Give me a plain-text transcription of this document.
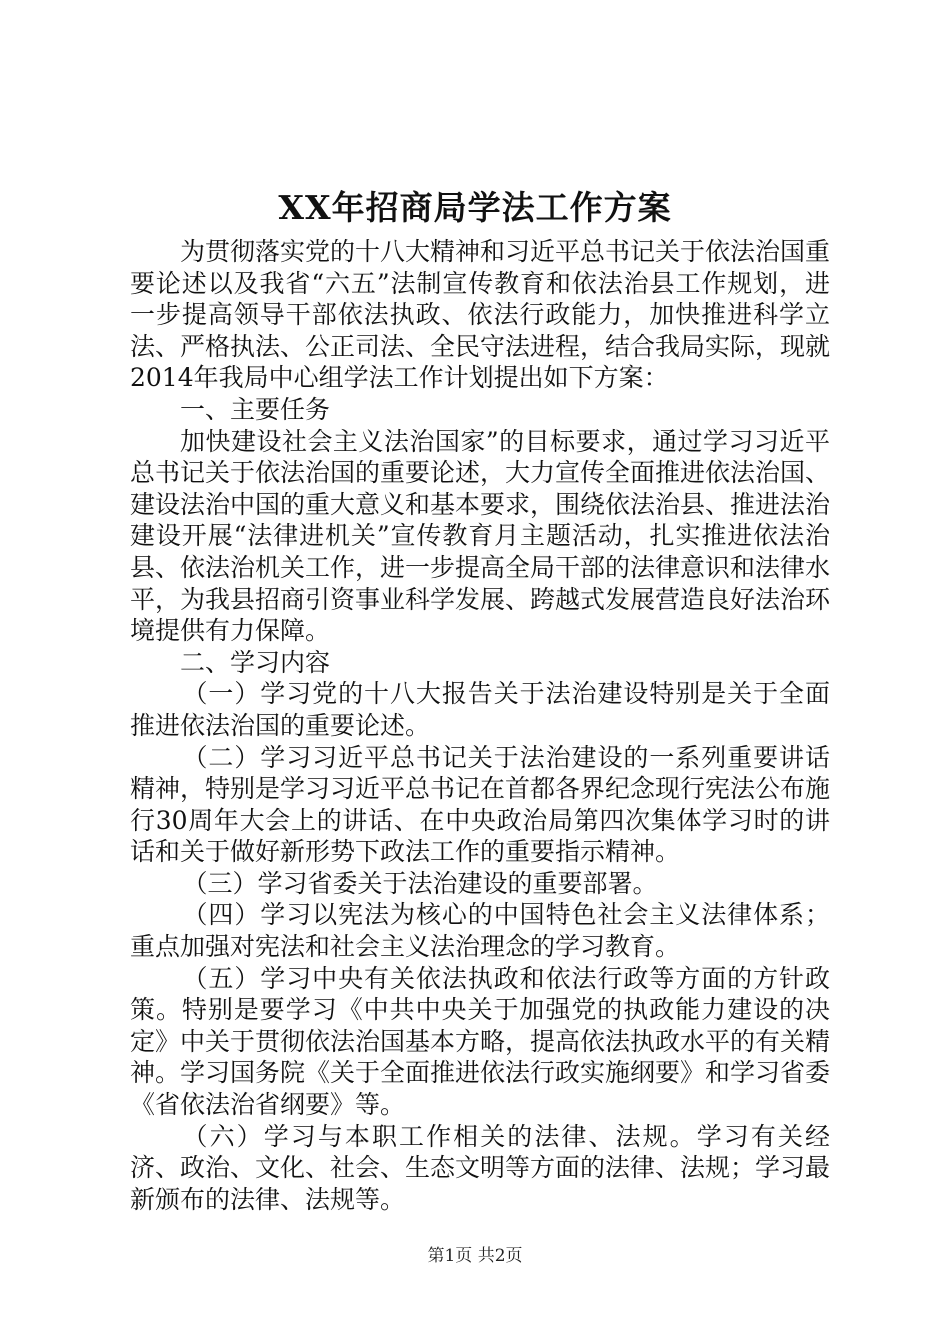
XX年招商局学法工作方案

为贯彻落实党的十八大精神和习近平总书记关于依法治国重要论述以及我省“六五”法制宣传教育和依法治县工作规划，进一步提高领导干部依法执政、依法行政能力，加快推进科学立法、严格执法、公正司法、全民守法进程，结合我局实际，现就2014年我局中心组学法工作计划提出如下方案：

一、主要任务

加快建设社会主义法治国家”的目标要求，通过学习习近平总书记关于依法治国的重要论述，大力宣传全面推进依法治国、建设法治中国的重大意义和基本要求，围绕依法治县、推进法治建设开展“法律进机关”宣传教育月主题活动，扎实推进依法治县、依法治机关工作，进一步提高全局干部的法律意识和法律水平，为我县招商引资事业科学发展、跨越式发展营造良好法治环境提供有力保障。

二、学习内容

（一）学习党的十八大报告关于法治建设特别是关于全面推进依法治国的重要论述。

（二）学习习近平总书记关于法治建设的一系列重要讲话精神，特别是学习习近平总书记在首都各界纪念现行宪法公布施行30周年大会上的讲话、在中央政治局第四次集体学习时的讲话和关于做好新形势下政法工作的重要指示精神。

（三）学习省委关于法治建设的重要部署。

（四）学习以宪法为核心的中国特色社会主义法律体系；重点加强对宪法和社会主义法治理念的学习教育。

（五）学习中央有关依法执政和依法行政等方面的方针政策。特别是要学习《中共中央关于加强党的执政能力建设的决定》中关于贯彻依法治国基本方略，提高依法执政水平的有关精神。学习国务院《关于全面推进依法行政实施纲要》和学习省委《省依法治省纲要》等。

（六）学习与本职工作相关的法律、法规。学习有关经济、政治、文化、社会、生态文明等方面的法律、法规；学习最新颁布的法律、法规等。

第1页 共2页
